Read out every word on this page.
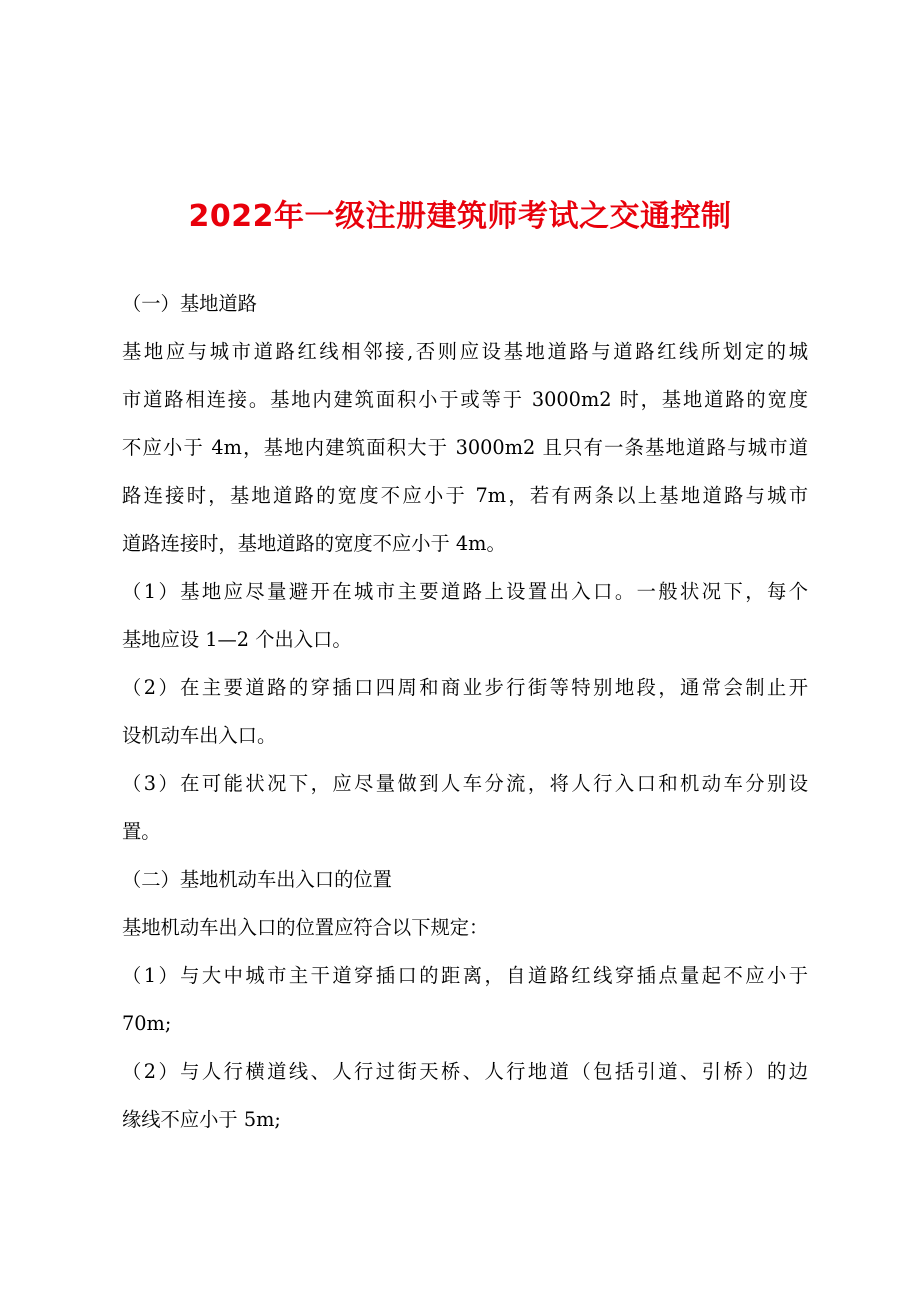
2022年一级注册建筑师考试之交通控制
（一）基地道路
基地应与城市道路红线相邻接,否则应设基地道路与道路红线所划定的城
市道路相连接。基地内建筑面积小于或等于 3000m2 时，基地道路的宽度
不应小于 4m，基地内建筑面积大于 3000m2 且只有一条基地道路与城市道
路连接时，基地道路的宽度不应小于 7m，若有两条以上基地道路与城市
道路连接时，基地道路的宽度不应小于 4m。
（1）基地应尽量避开在城市主要道路上设置出入口。一般状况下，每个
基地应设 1—2 个出入口。
（2）在主要道路的穿插口四周和商业步行街等特别地段，通常会制止开
设机动车出入口。
（3）在可能状况下，应尽量做到人车分流，将人行入口和机动车分别设
置。
（二）基地机动车出入口的位置
基地机动车出入口的位置应符合以下规定：
（1）与大中城市主干道穿插口的距离，自道路红线穿插点量起不应小于
70m;
（2）与人行横道线、人行过街天桥、人行地道（包括引道、引桥）的边
缘线不应小于 5m;
